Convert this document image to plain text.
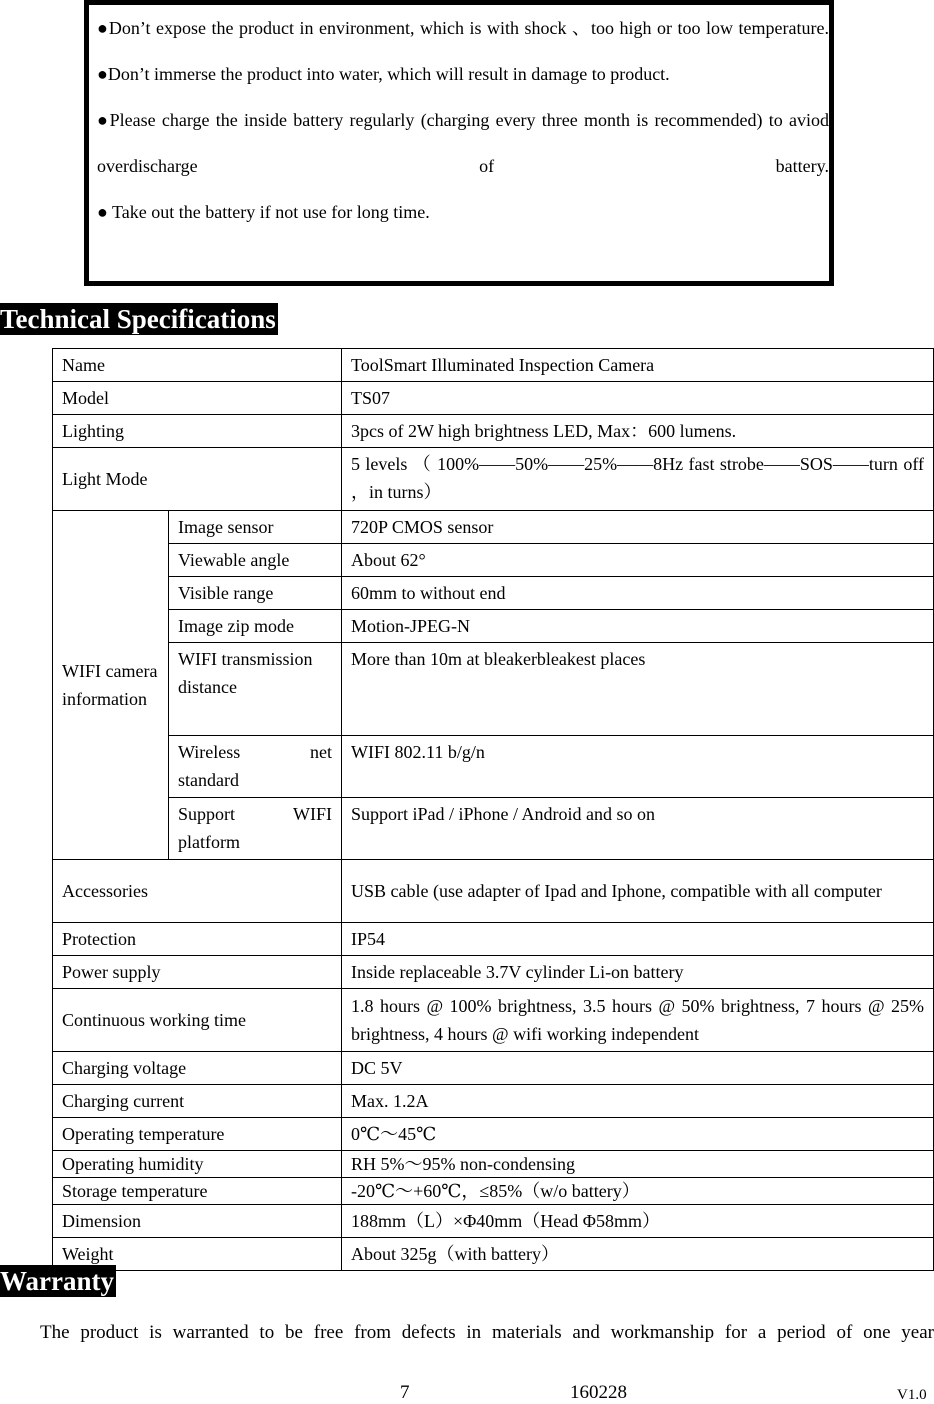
●Don’t expose the product in environment, which is with shock 、too high or too low temperature.

●Don’t immerse the product into water, which will result in damage to product.

●Please charge the inside battery regularly (charging every three month is recommended) to aviod overdischarge of battery.

● Take out the battery if not use for long time.

Technical Specifications
Name		ToolSmart Illuminated Inspection Camera
Model		TS07
Lighting		3pcs of 2W high brightness LED, Max：600 lumens.
Light Mode		5 levels （ 100%——50%——25%——8Hz fast strobe——SOS——turn off ，in turns）
WIFI camera information	Image sensor	720P CMOS sensor
	Viewable angle	About 62°
	Visible range	60mm to without end
	Image zip mode	Motion-JPEG-N
	WIFI transmission distance	More than 10m at bleakerbleakest places
	Wireless net standard	WIFI 802.11 b/g/n
	Support WIFI platform	Support iPad / iPhone / Android and so on
Accessories		USB cable (use adapter of Ipad and Iphone, compatible with all computer
Protection		IP54
Power supply		Inside replaceable 3.7V cylinder Li-on battery
Continuous working time		1.8 hours @ 100% brightness, 3.5 hours @ 50% brightness, 7 hours @ 25% brightness, 4 hours @ wifi working independent
Charging voltage		DC 5V
Charging current		Max. 1.2A
Operating temperature		0℃～45℃
Operating humidity		RH 5%～95% non-condensing
Storage temperature		-20℃～+60℃，≤85%（w/o battery）
Dimension		188mm（L）×Φ40mm（Head Φ58mm）
Weight		About 325g（with battery）
Warranty
The product is warranted to be free from defects in materials and workmanship for a period of one year
7	160228	V1.0
